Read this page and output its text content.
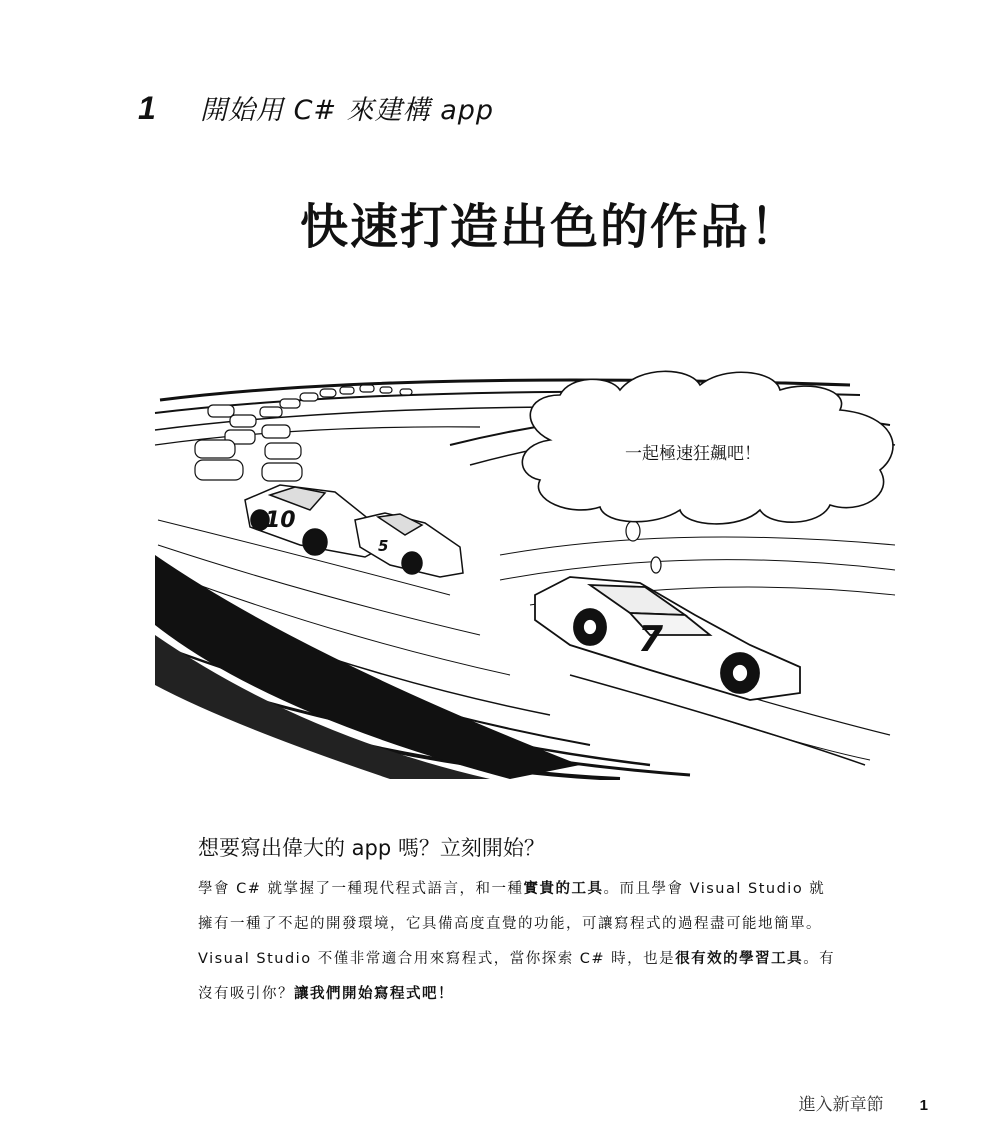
1	開始用 C# 來建構 app
快速打造出色的作品！
10
5
7
一起極速狂飆吧！
想要寫出偉大的 app 嗎？立刻開始？

學會 C# 就掌握了一種現代程式語言，和一種實貴的工具。而且學會 Visual Studio 就擁有一種了不起的開發環境，它具備高度直覺的功能，可讓寫程式的過程盡可能地簡單。Visual Studio 不僅非常適合用來寫程式，當你探索 C# 時，也是很有效的學習工具。有沒有吸引你？讓我們開始寫程式吧！

進入新章節 1
